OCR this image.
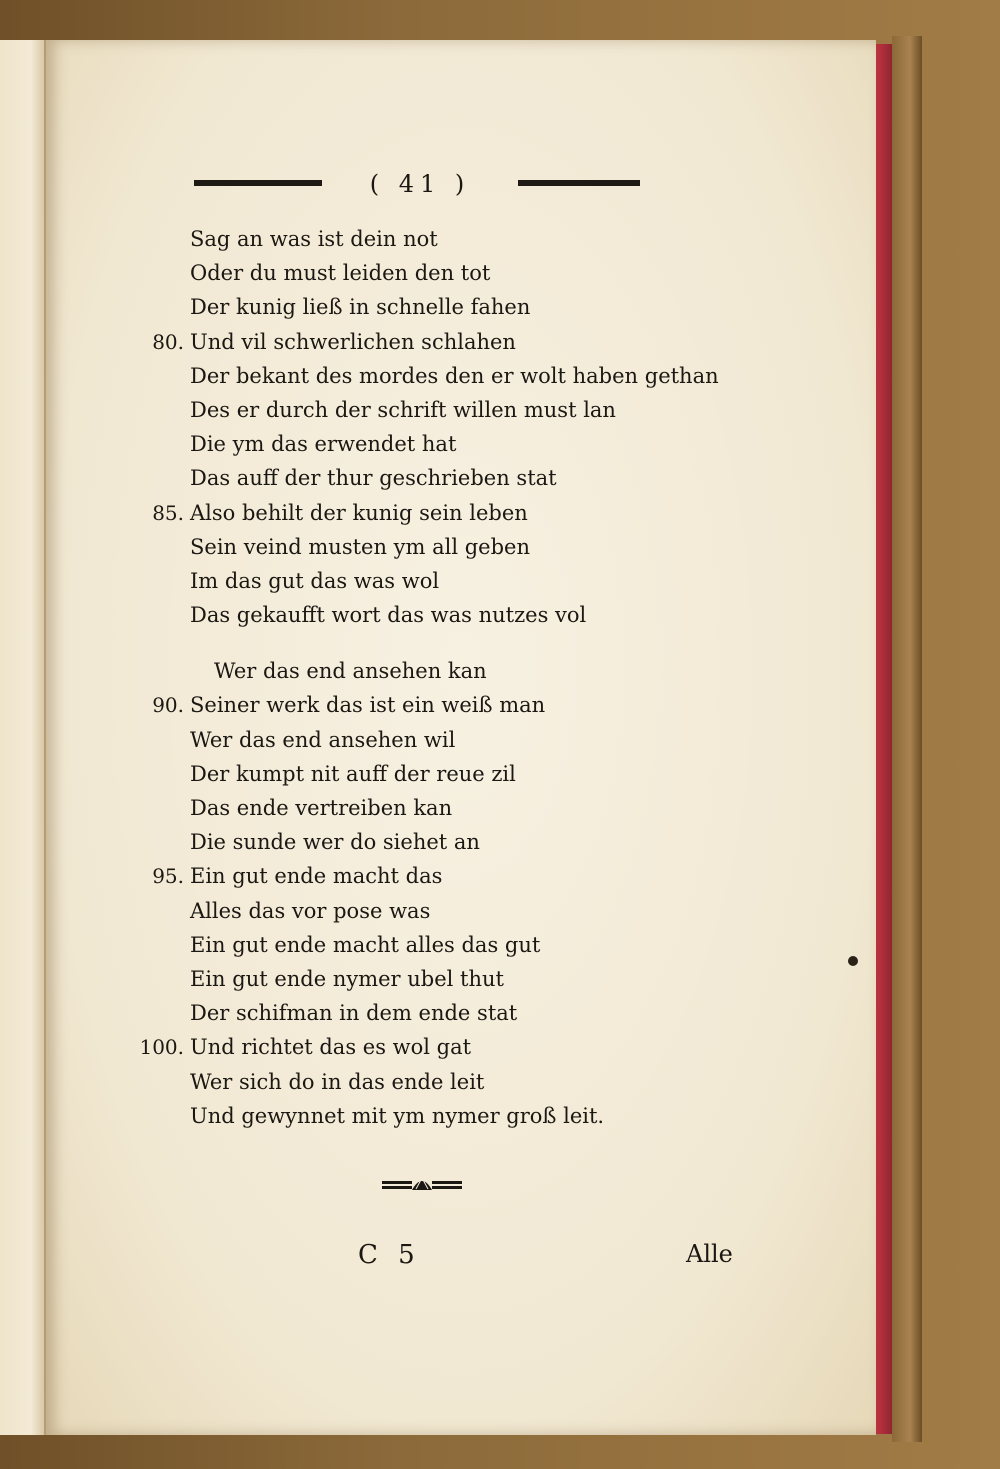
( 41 )
Sag an was ist dein not
Oder du must leiden den tot
Der kunig ließ in schnelle fahen
80. Und vil schwerlichen schlahen
Der bekant des mordes den er wolt haben gethan
Des er durch der schrift willen must lan
Die ym das erwendet hat
Das auff der thur geschrieben stat
85. Also behilt der kunig sein leben
Sein veind musten ym all geben
Im das gut das was wol
Das gekaufft wort das was nutzes vol
Wer das end ansehen kan
90. Seiner werk das ist ein weiß man
Wer das end ansehen wil
Der kumpt nit auff der reue zil
Das ende vertreiben kan
Die sunde wer do siehet an
95. Ein gut ende macht das
Alles das vor pose was
Ein gut ende macht alles das gut
Ein gut ende nymer ubel thut
Der schifman in dem ende stat
100. Und richtet das es wol gat
Wer sich do in das ende leit
Und gewynnet mit ym nymer groß leit.
C 5	Alle
